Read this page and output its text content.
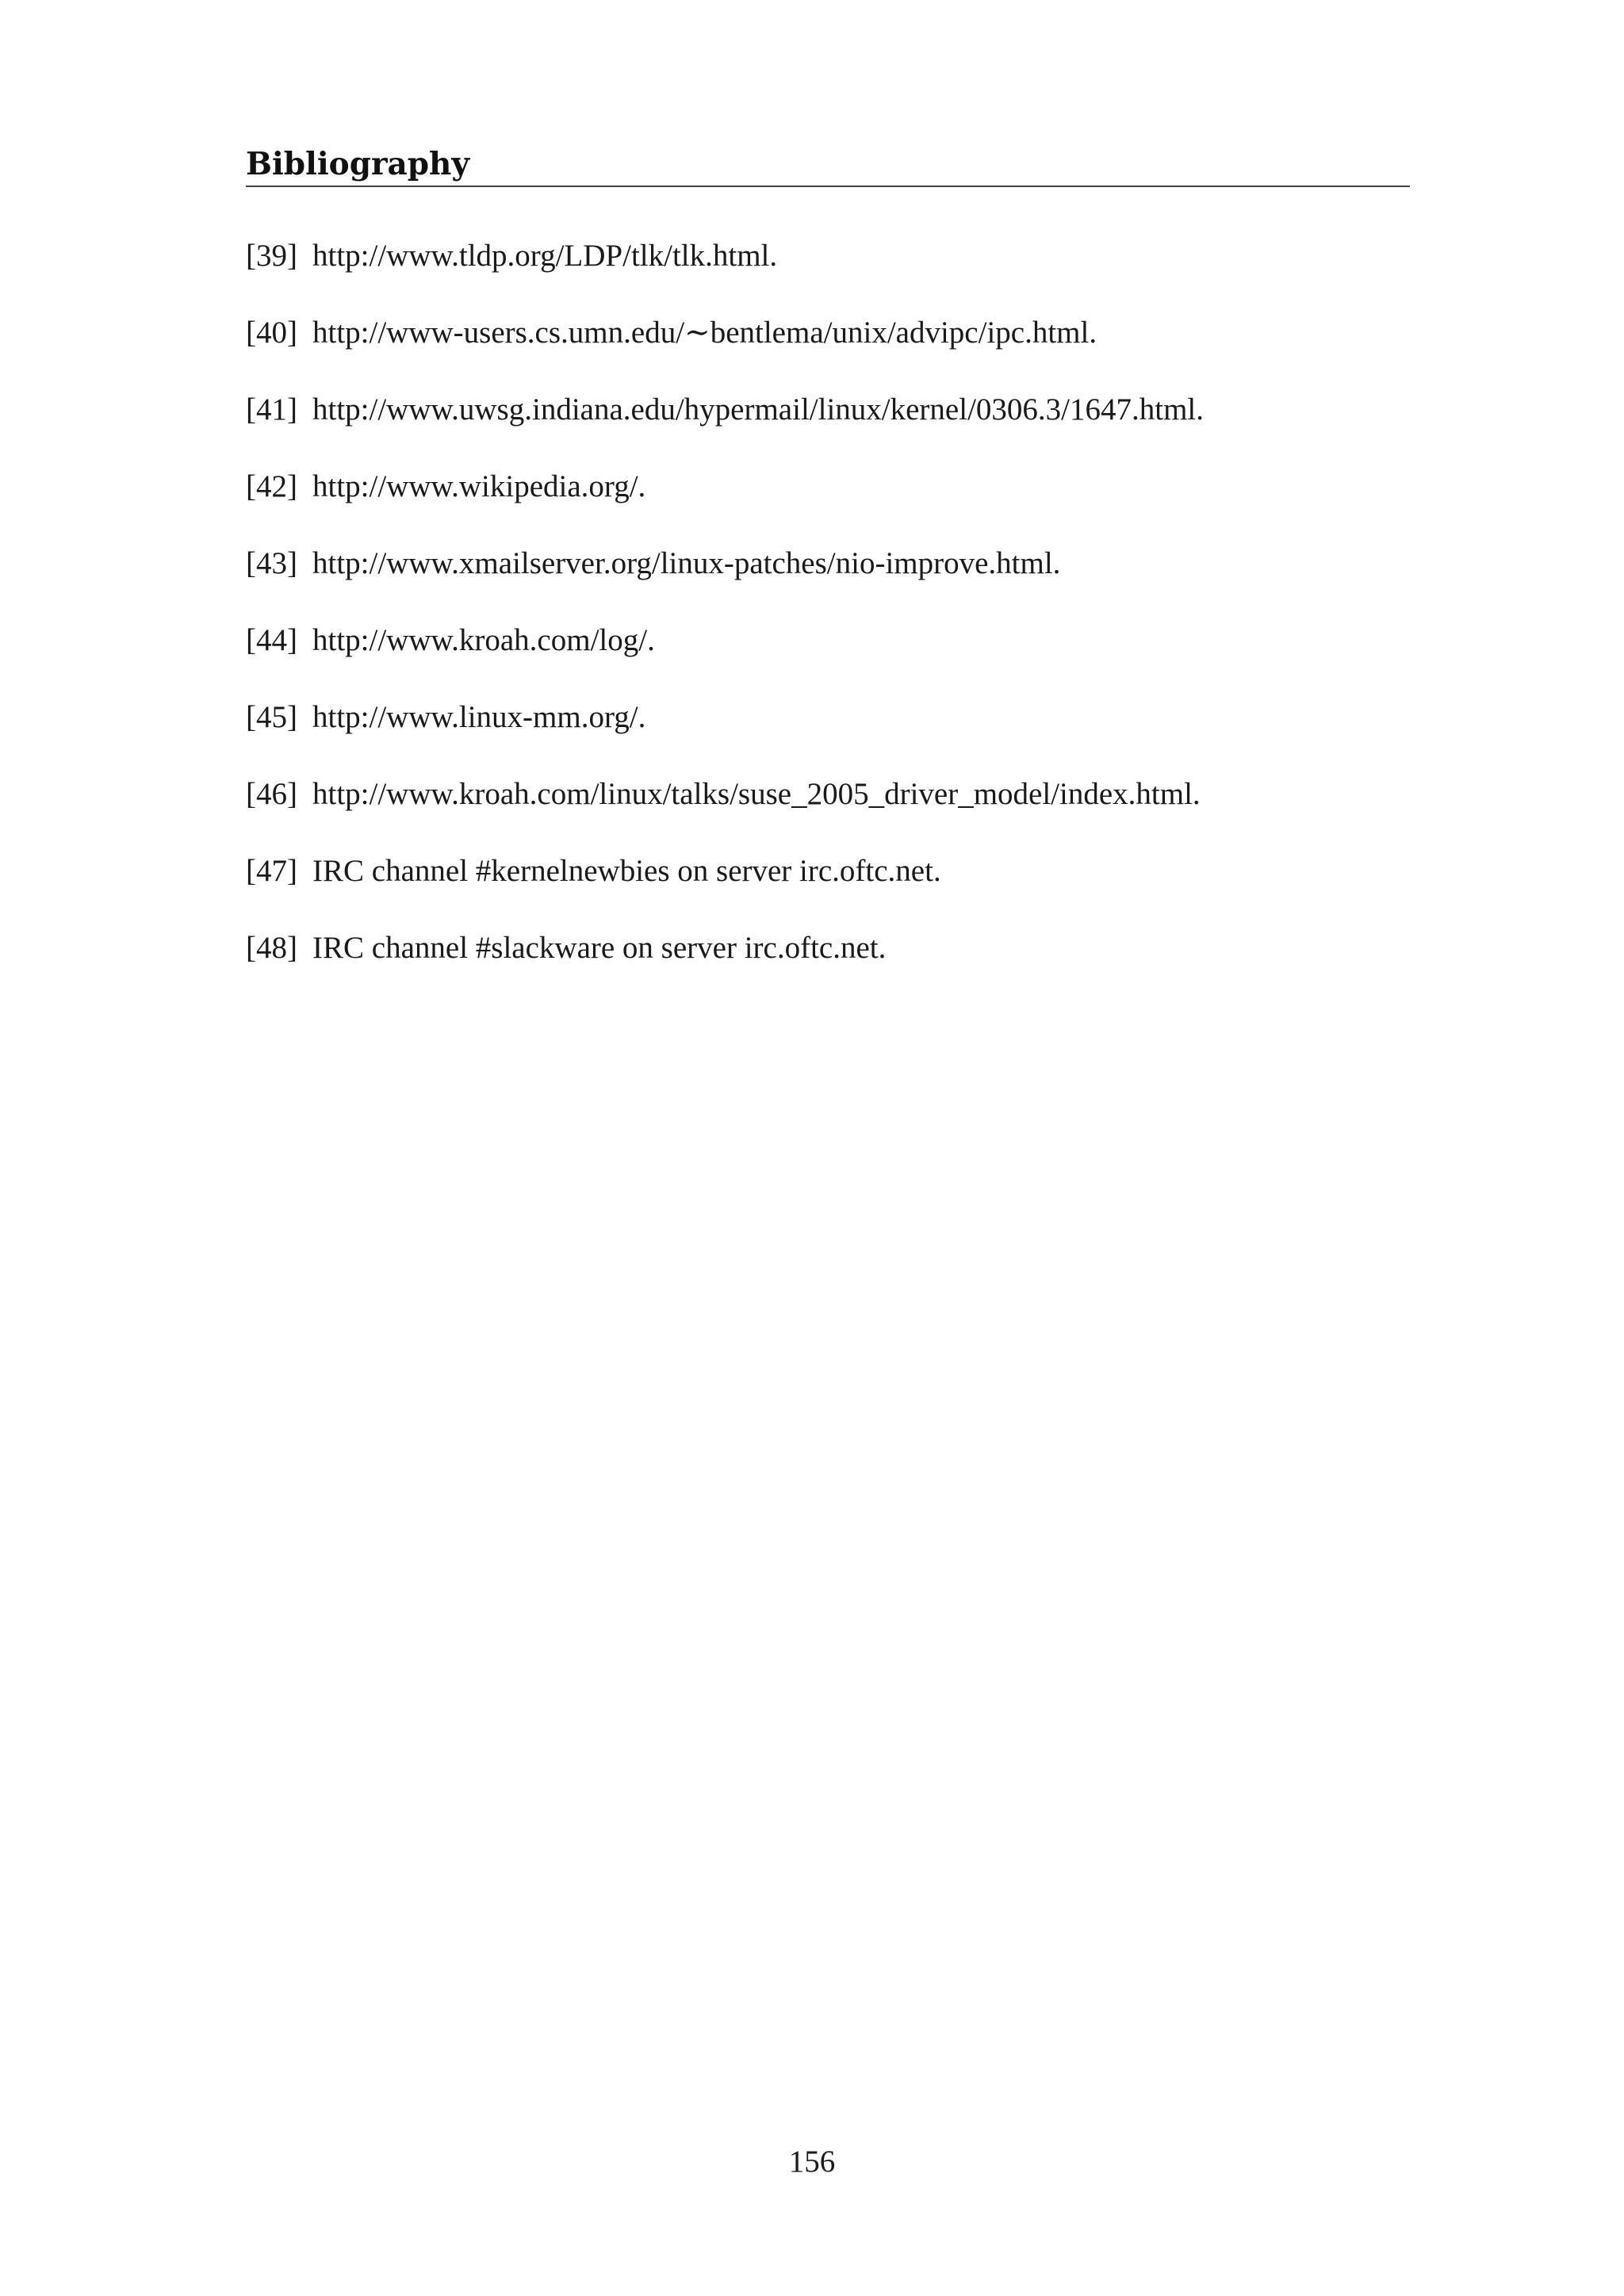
Bibliography
[39] http://www.tldp.org/LDP/tlk/tlk.html.
[40] http://www-users.cs.umn.edu/∼bentlema/unix/advipc/ipc.html.
[41] http://www.uwsg.indiana.edu/hypermail/linux/kernel/0306.3/1647.html.
[42] http://www.wikipedia.org/.
[43] http://www.xmailserver.org/linux-patches/nio-improve.html.
[44] http://www.kroah.com/log/.
[45] http://www.linux-mm.org/.
[46] http://www.kroah.com/linux/talks/suse_2005_driver_model/index.html.
[47] IRC channel #kernelnewbies on server irc.oftc.net.
[48] IRC channel #slackware on server irc.oftc.net.
156
